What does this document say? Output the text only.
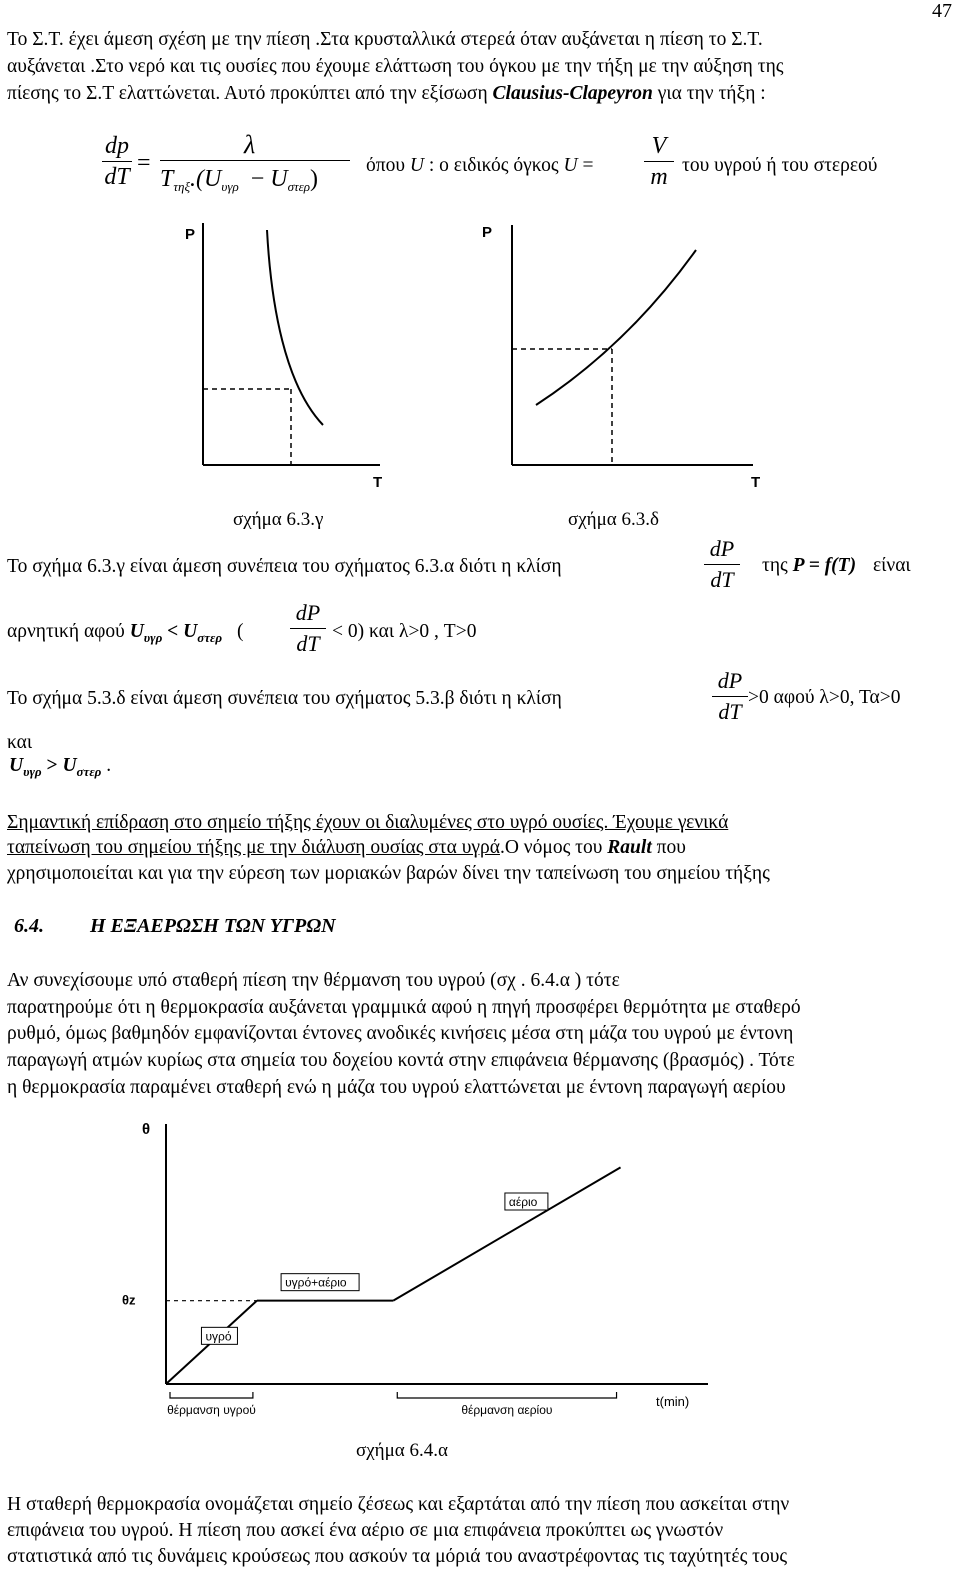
47
Το Σ.Τ. έχει άμεση σχέση με την πίεση .Στα κρυσταλλικά στερεά όταν αυξάνεται η πίεση το Σ.Τ.
αυξάνεται .Στο νερό και τις ουσίες που έχουμε ελάττωση του όγκου με την τήξη με την αύξηση της
πίεσης το Σ.Τ ελαττώνεται. Αυτό προκύπτει από την εξίσωση Clausius-Clapeyron για την τήξη :
dp
dT
=
λ
$T_{\tau\eta\xi}.(U_{\upsilon\gamma\rho} - U_{\sigma\tau\varepsilon\rho})$
όπου U : ο ειδικός όγκος U =
V
m του υγρού ή του στερεού
P
T
σχήμα 6.3.γ
P
T
σχήμα 6.3.δ
Το σχήμα 6.3.γ είναι άμεση συνέπεια του σχήματος 6.3.α διότι η κλίση
dP
dT
της P = f(T) είναι
αρνητική αφού $U_{\upsilon\gamma\rho} < U_{\sigma\tau\varepsilon\rho}$ (
dP
dT < 0) και λ>0 , T>0
Το σχήμα 5.3.δ είναι άμεση συνέπεια του σχήματος 5.3.β διότι η κλίση
dP
dT
>0 αφού λ>0, Τα>0
και
$U_{\upsilon\gamma\rho} > U_{\sigma\tau\varepsilon\rho}$ .
Σημαντική επίδραση στο σημείο τήξης έχουν οι διαλυμένες στο υγρό ουσίες. Έχουμε γενικά
ταπείνωση του σημείου τήξης με την διάλυση ουσίας στα υγρά.Ο νόμος του Rault που
χρησιμοποιείται και για την εύρεση των μοριακών βαρών δίνει την ταπείνωση του σημείου τήξης
6.4. Η ΕΞΑΕΡΩΣΗ ΤΩΝ ΥΓΡΩΝ
Αν συνεχίσουμε υπό σταθερή πίεση την θέρμανση του υγρού (σχ . 6.4.α ) τότε
παρατηρούμε ότι η θερμοκρασία αυξάνεται γραμμικά αφού η πηγή προσφέρει θερμότητα με σταθερό
ρυθμό, όμως βαθμηδόν εμφανίζονται έντονες ανοδικές κινήσεις μέσα στη μάζα του υγρού με έντονη
παραγωγή ατμών κυρίως στα σημεία του δοχείου κοντά στην επιφάνεια θέρμανσης (βρασμός) . Τότε
η θερμοκρασία παραμένει σταθερή ενώ η μάζα του υγρού ελαττώνεται με έντονη παραγωγή αερίου
θ
θz
t(min)
υγρό
υγρό+αέριο
αέριο
θέρμανση υγρού	θέρμανση αερίου
σχήμα 6.4.α
Η σταθερή θερμοκρασία ονομάζεται σημείο ζέσεως και εξαρτάται από την πίεση που ασκείται στην
επιφάνεια του υγρού. Η πίεση που ασκεί ένα αέριο σε μια επιφάνεια προκύπτει ως γνωστόν
στατιστικά από τις δυνάμεις κρούσεως που ασκούν τα μόριά του αναστρέφοντας τις ταχύτητές τους
